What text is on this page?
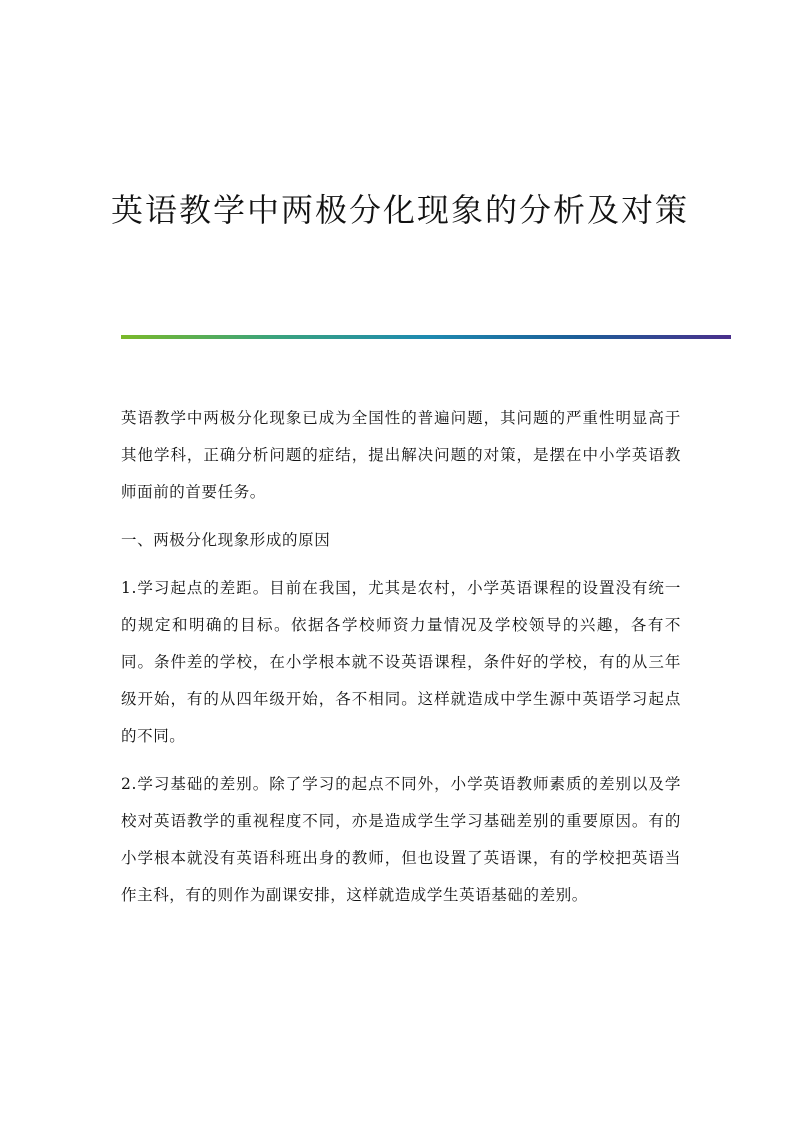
英语教学中两极分化现象的分析及对策

英语教学中两极分化现象已成为全国性的普遍问题，其问题的严重性明显高于其他学科，正确分析问题的症结，提出解决问题的对策，是摆在中小学英语教师面前的首要任务。

一、两极分化现象形成的原因

1.学习起点的差距。目前在我国，尤其是农村，小学英语课程的设置没有统一的规定和明确的目标。依据各学校师资力量情况及学校领导的兴趣，各有不同。条件差的学校，在小学根本就不设英语课程，条件好的学校，有的从三年级开始，有的从四年级开始，各不相同。这样就造成中学生源中英语学习起点的不同。

2.学习基础的差别。除了学习的起点不同外，小学英语教师素质的差别以及学校对英语教学的重视程度不同，亦是造成学生学习基础差别的重要原因。有的小学根本就没有英语科班出身的教师，但也设置了英语课，有的学校把英语当作主科，有的则作为副课安排，这样就造成学生英语基础的差别。
